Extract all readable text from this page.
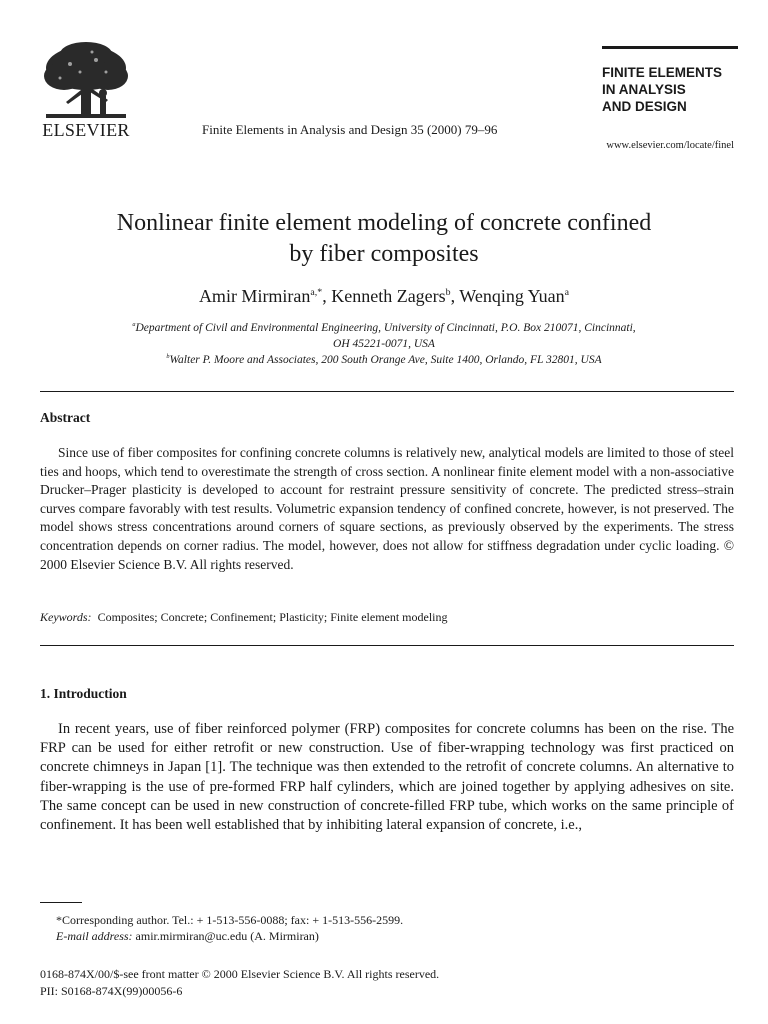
ELSEVIER	Finite Elements in Analysis and Design 35 (2000) 79–96
FINITE ELEMENTS
IN ANALYSIS
AND DESIGN
www.elsevier.com/locate/finel
Nonlinear finite element modeling of concrete confined
by fiber composites
Amir Mirmiran$^{a,*}$, Kenneth Zagers$^b$, Wenqing Yuan$^a$
$^a$Department of Civil and Environmental Engineering, University of Cincinnati, P.O. Box 210071, Cincinnati,
OH 45221-0071, USA
$^b$Walter P. Moore and Associates, 200 South Orange Ave, Suite 1400, Orlando, FL 32801, USA
Abstract

Since use of fiber composites for confining concrete columns is relatively new, analytical models are limited to those of steel ties and hoops, which tend to overestimate the strength of cross section. A nonlinear finite element model with a non-associative Drucker–Prager plasticity is developed to account for restraint pressure sensitivity of concrete. The predicted stress–strain curves compare favorably with test results. Volumetric expansion tendency of confined concrete, however, is not preserved. The model shows stress concentrations around corners of square sections, as previously observed by the experiments. The stress concentration depends on corner radius. The model, however, does not allow for stiffness degradation under cyclic loading. © 2000 Elsevier Science B.V. All rights reserved.

Keywords: Composites; Concrete; Confinement; Plasticity; Finite element modeling
1. Introduction

In recent years, use of fiber reinforced polymer (FRP) composites for concrete columns has been on the rise. The FRP can be used for either retrofit or new construction. Use of fiber-wrapping technology was first practiced on concrete chimneys in Japan [1]. The technique was then extended to the retrofit of concrete columns. An alternative to fiber-wrapping is the use of pre-formed FRP half cylinders, which are joined together by applying adhesives on site. The same concept can be used in new construction of concrete-filled FRP tube, which works on the same principle of confinement. It has been well established that by inhibiting lateral expansion of concrete, i.e.,

*Corresponding author. Tel.: + 1-513-556-0088; fax: + 1-513-556-2599.
E-mail address: amir.mirmiran@uc.edu (A. Mirmiran)
0168-874X/00/$-see front matter © 2000 Elsevier Science B.V. All rights reserved.
PII: S0168-874X(99)00056-6
